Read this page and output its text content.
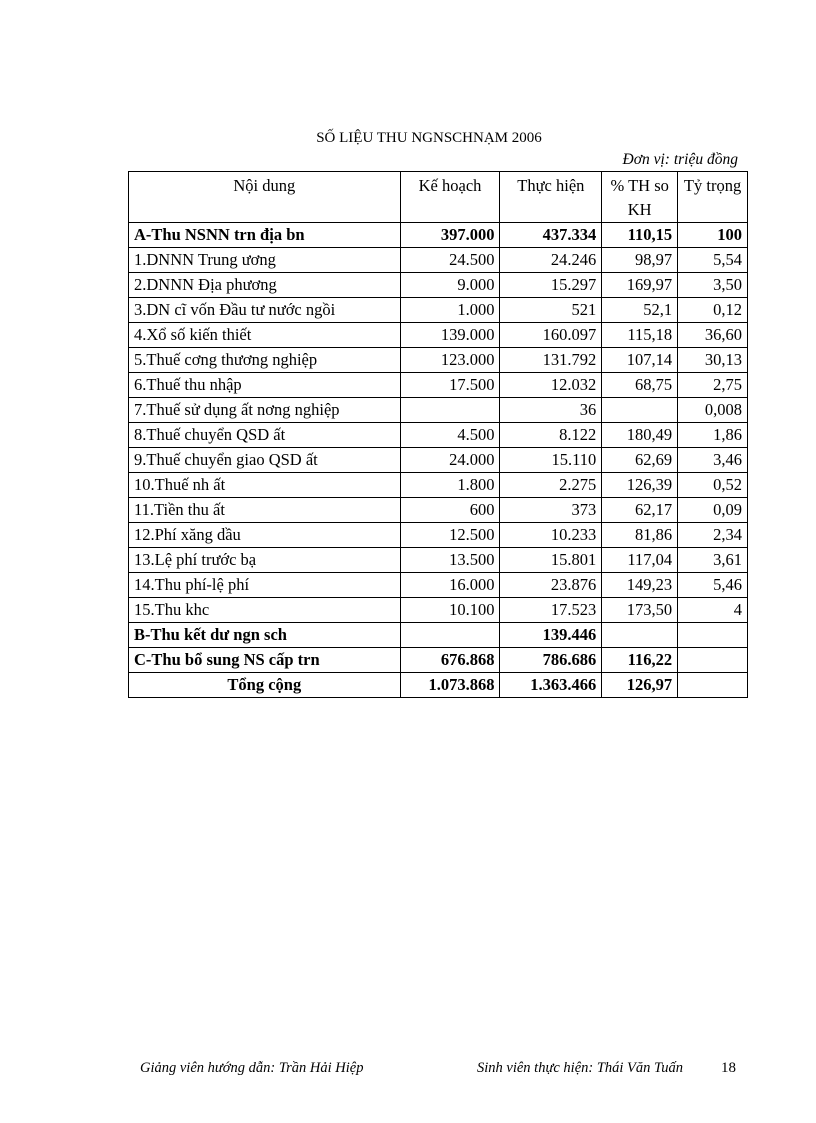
SỐ LIỆU THU NGNSCHNẠM 2006
Đơn vị: triệu đồng
Nội dung	Kế hoạch	Thực hiện	% TH so KH	Tỷ trọng
A-Thu NSNN trn địa bn	397.000	437.334	110,15	100
1.DNNN Trung ương	24.500	24.246	98,97	5,54
2.DNNN Địa phương	9.000	15.297	169,97	3,50
3.DN cĩ vốn Đầu tư nước ngồi	1.000	521	52,1	0,12
4.Xổ số kiến thiết	139.000	160.097	115,18	36,60
5.Thuế cơng thương nghiệp	123.000	131.792	107,14	30,13
6.Thuế thu nhập	17.500	12.032	68,75	2,75
7.Thuế sử dụng ất nơng nghiệp		36		0,008
8.Thuế chuyển QSD ất	4.500	8.122	180,49	1,86
9.Thuế chuyển giao QSD ất	24.000	15.110	62,69	3,46
10.Thuế nh ất	1.800	2.275	126,39	0,52
11.Tiền thu ất	600	373	62,17	0,09
12.Phí xăng dầu	12.500	10.233	81,86	2,34
13.Lệ phí trước bạ	13.500	15.801	117,04	3,61
14.Thu phí-lệ phí	16.000	23.876	149,23	5,46
15.Thu khc	10.100	17.523	173,50	4
B-Thu kết dư ngn sch		139.446		
C-Thu bổ sung NS cấp trn	676.868	786.686	116,22	
Tổng cộng	1.073.868	1.363.466	126,97	
Giảng viên hướng dẫn: Trần Hải Hiệp	Sinh viên thực hiện: Thái Văn Tuấn	18
